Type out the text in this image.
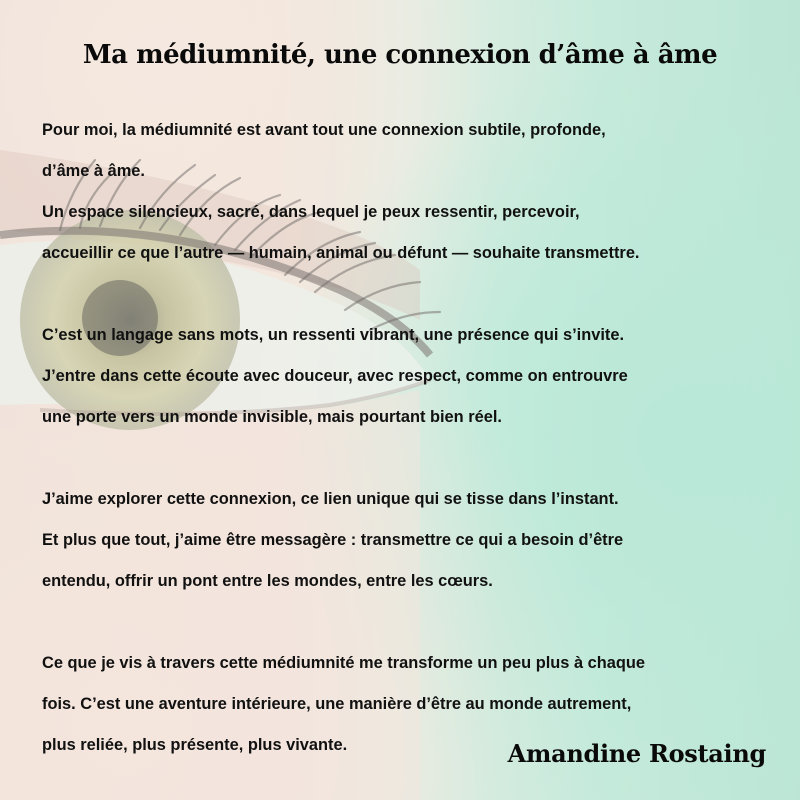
Ma médiumnité, une connexion d’âme à âme

Pour moi, la médiumnité est avant tout une connexion subtile, profonde,
d’âme à âme.
Un espace silencieux, sacré, dans lequel je peux ressentir, percevoir,
accueillir ce que l’autre — humain, animal ou défunt — souhaite transmettre.

C’est un langage sans mots, un ressenti vibrant, une présence qui s’invite.
J’entre dans cette écoute avec douceur, avec respect, comme on entrouvre
une porte vers un monde invisible, mais pourtant bien réel.

J’aime explorer cette connexion, ce lien unique qui se tisse dans l’instant.
Et plus que tout, j’aime être messagère : transmettre ce qui a besoin d’être
entendu, offrir un pont entre les mondes, entre les cœurs.

Ce que je vis à travers cette médiumnité me transforme un peu plus à chaque
fois. C’est une aventure intérieure, une manière d’être au monde autrement,
plus reliée, plus présente, plus vivante.	Amandine Rostaing
